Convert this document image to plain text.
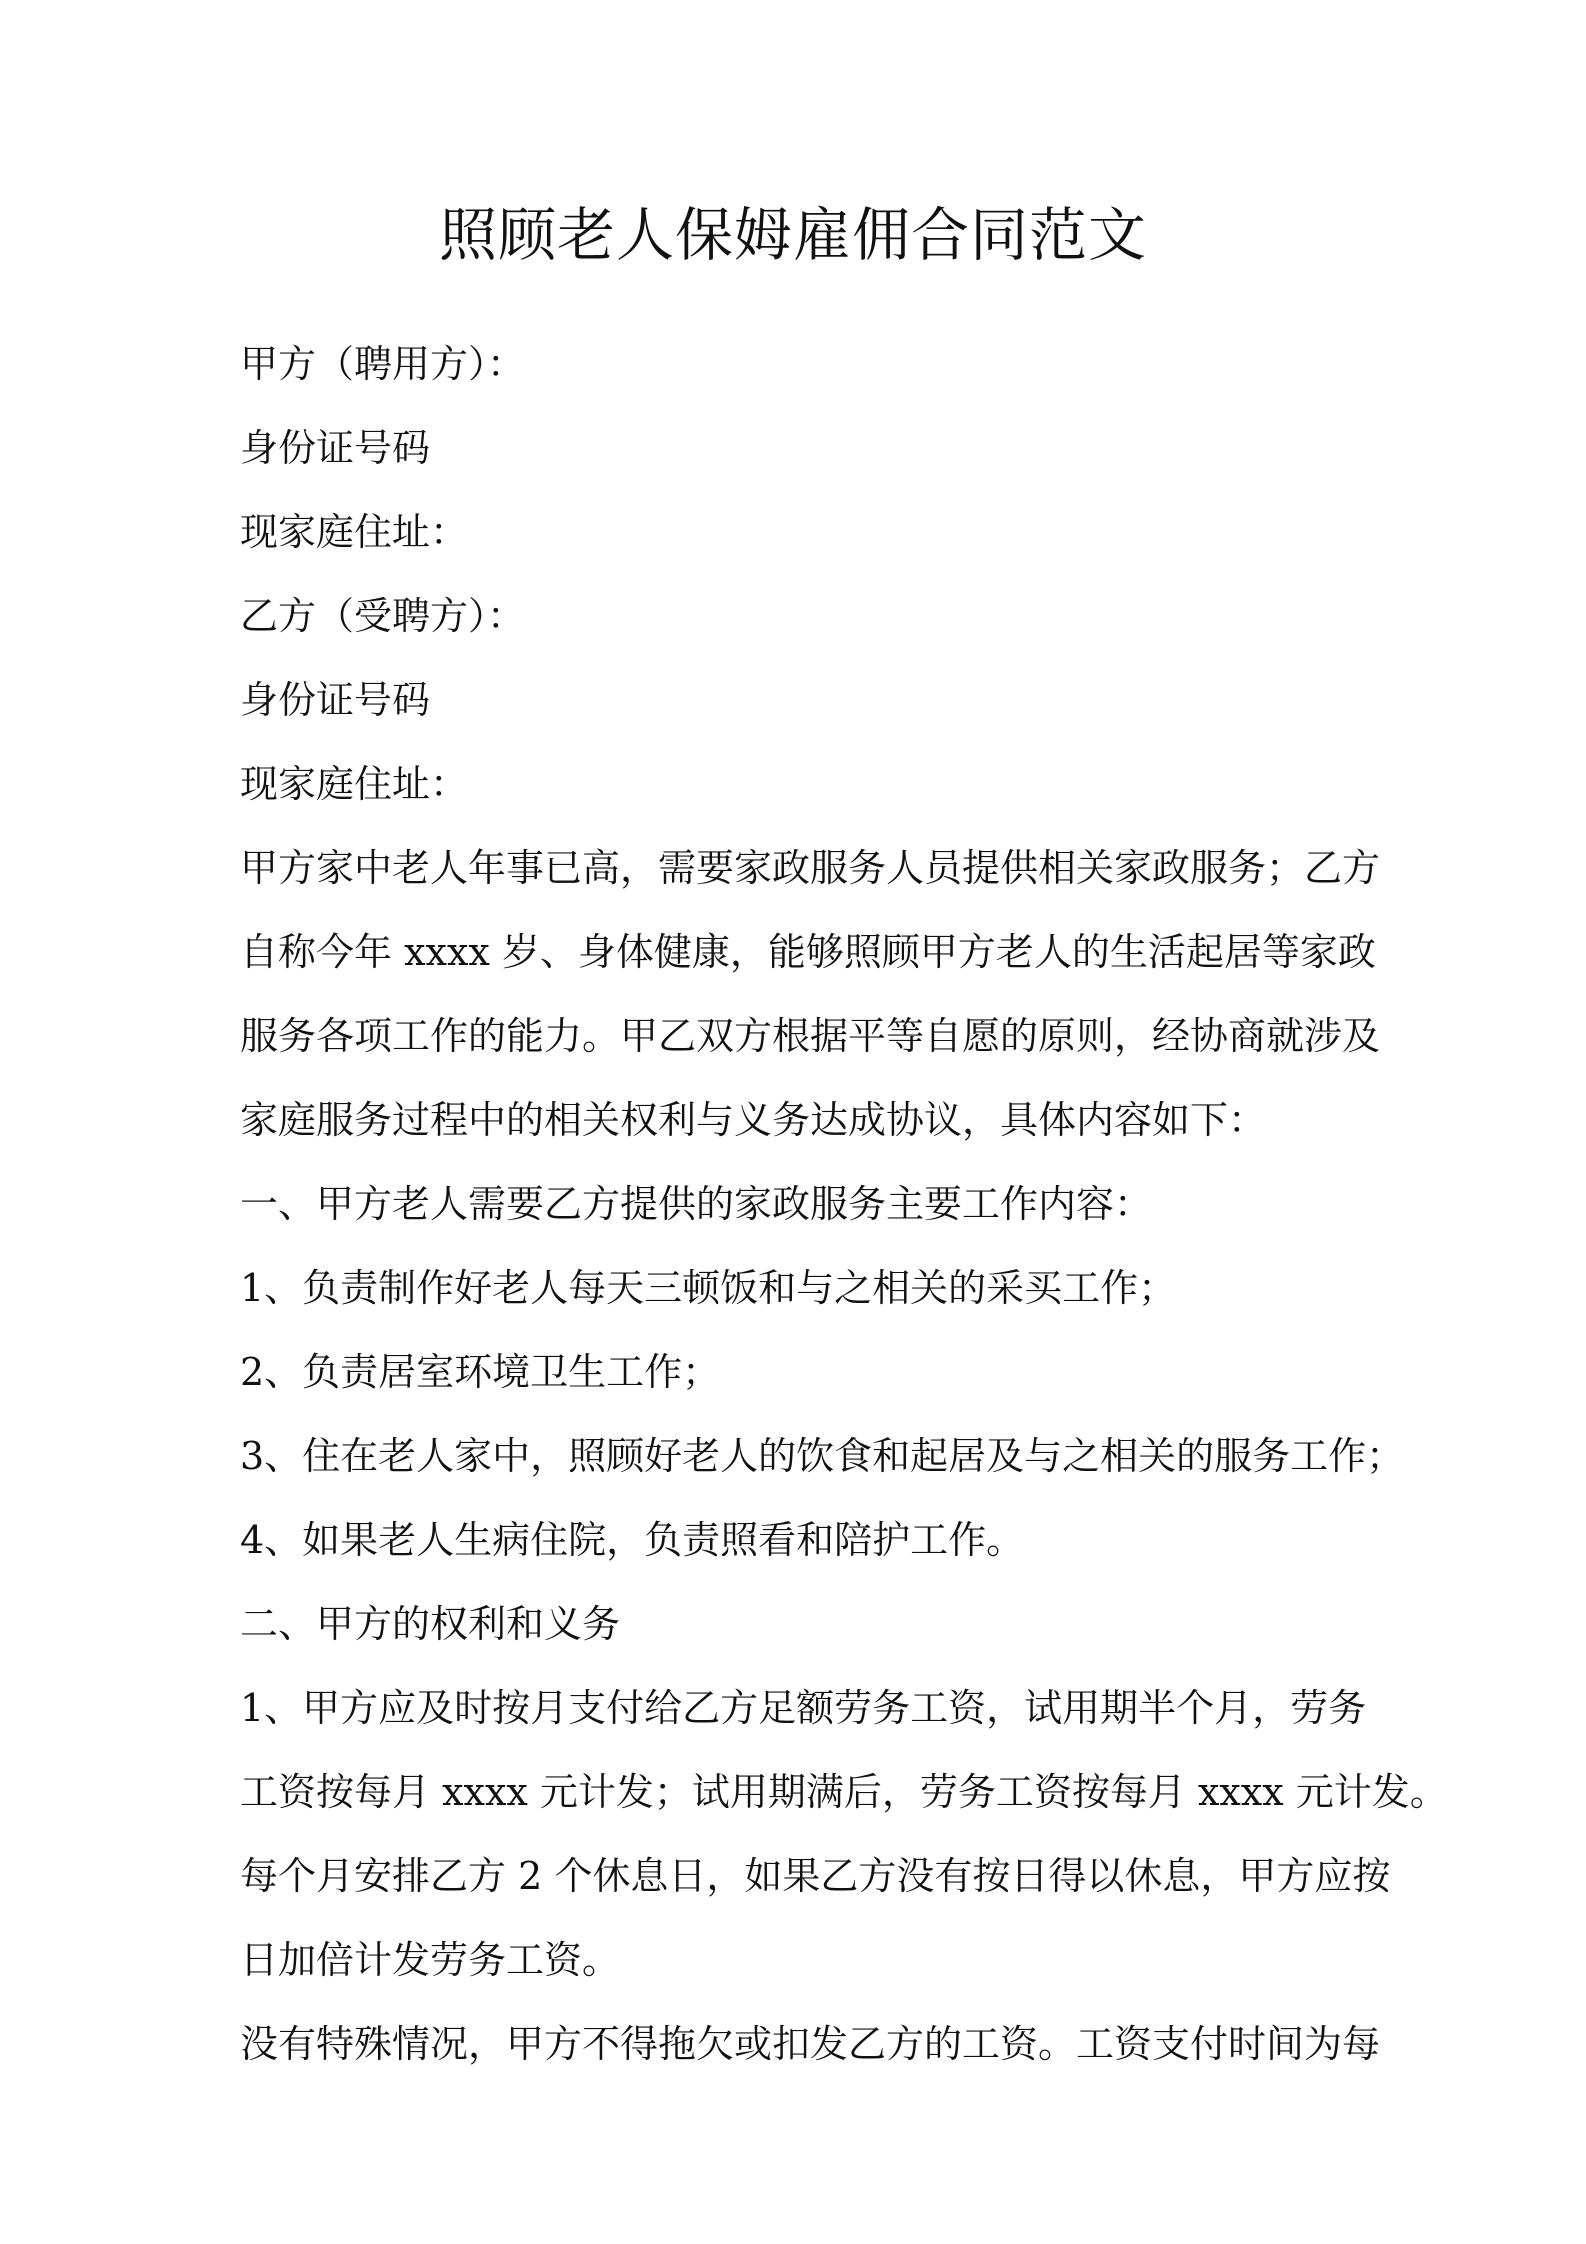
照顾老人保姆雇佣合同范文
甲方（聘用方）：
身份证号码
现家庭住址：
乙方（受聘方）：
身份证号码
现家庭住址：
甲方家中老人年事已高，需要家政服务人员提供相关家政服务；乙方
自称今年 xxxx 岁、身体健康，能够照顾甲方老人的生活起居等家政
服务各项工作的能力。甲乙双方根据平等自愿的原则，经协商就涉及
家庭服务过程中的相关权利与义务达成协议，具体内容如下：
一、甲方老人需要乙方提供的家政服务主要工作内容：
1、负责制作好老人每天三顿饭和与之相关的采买工作；
2、负责居室环境卫生工作；
3、住在老人家中，照顾好老人的饮食和起居及与之相关的服务工作；
4、如果老人生病住院，负责照看和陪护工作。
二、甲方的权利和义务
1、甲方应及时按月支付给乙方足额劳务工资，试用期半个月，劳务
工资按每月 xxxx 元计发；试用期满后，劳务工资按每月 xxxx 元计发。
每个月安排乙方 2 个休息日，如果乙方没有按日得以休息，甲方应按
日加倍计发劳务工资。
没有特殊情况，甲方不得拖欠或扣发乙方的工资。工资支付时间为每
